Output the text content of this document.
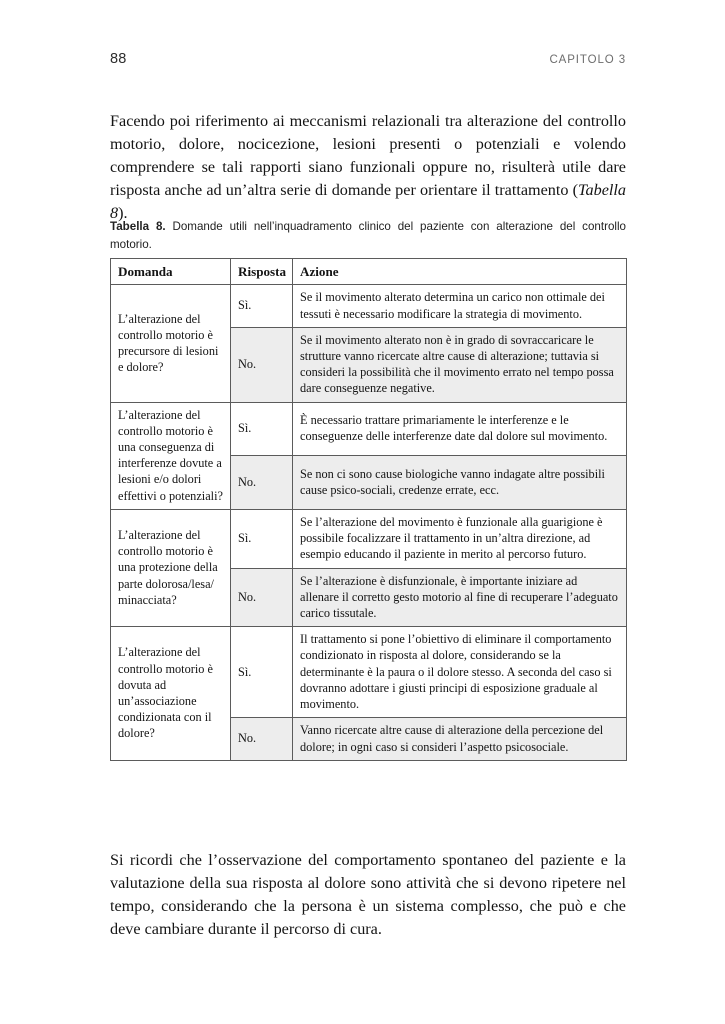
88	CAPITOLO 3

Facendo poi riferimento ai meccanismi relazionali tra alterazione del controllo motorio, dolore, nocicezione, lesioni presenti o potenziali e volendo comprendere se tali rapporti siano funzionali oppure no, risulterà utile dare risposta anche ad un’altra serie di domande per orientare il trattamento (Tabella 8).

Tabella 8. Domande utili nell’inquadramento clinico del paziente con alterazione del controllo motorio.
Domanda	Risposta	Azione
L’alterazione del controllo motorio è precursore di lesioni e dolore?	Sì.	Se il movimento alterato determina un carico non ottimale dei tessuti è necessario modificare la strategia di movimento.
	No.	Se il movimento alterato non è in grado di sovraccaricare le strutture vanno ricercate altre cause di alterazione; tuttavia si consideri la possibilità che il movimento errato nel tempo possa dare conseguenze negative.
L’alterazione del controllo motorio è una conseguenza di interferenze dovute a lesioni e/o dolori effettivi o potenziali?	Sì.	È necessario trattare primariamente le interferenze e le conseguenze delle interferenze date dal dolore sul movimento.
	No.	Se non ci sono cause biologiche vanno indagate altre possibili cause psico-sociali, credenze errate, ecc.
L’alterazione del controllo motorio è una protezione della parte dolorosa/lesa/ minacciata?	Sì.	Se l’alterazione del movimento è funzionale alla guarigione è possibile focalizzare il trattamento in un’altra direzione, ad esempio educando il paziente in merito al percorso futuro.
	No.	Se l’alterazione è disfunzionale, è importante iniziare ad allenare il corretto gesto motorio al fine di recuperare l’adeguato carico tissutale.
L’alterazione del controllo motorio è dovuta ad un’associazione condizionata con il dolore?	Sì.	Il trattamento si pone l’obiettivo di eliminare il comportamento condizionato in risposta al dolore, considerando se la determinante è la paura o il dolore stesso. A seconda del caso si dovranno adottare i giusti principi di esposizione graduale al movimento.
	No.	Vanno ricercate altre cause di alterazione della percezione del dolore; in ogni caso si consideri l’aspetto psicosociale.

Si ricordi che l’osservazione del comportamento spontaneo del paziente e la valutazione della sua risposta al dolore sono attività che si devono ripetere nel tempo, considerando che la persona è un sistema complesso, che può e che deve cambiare durante il percorso di cura.
